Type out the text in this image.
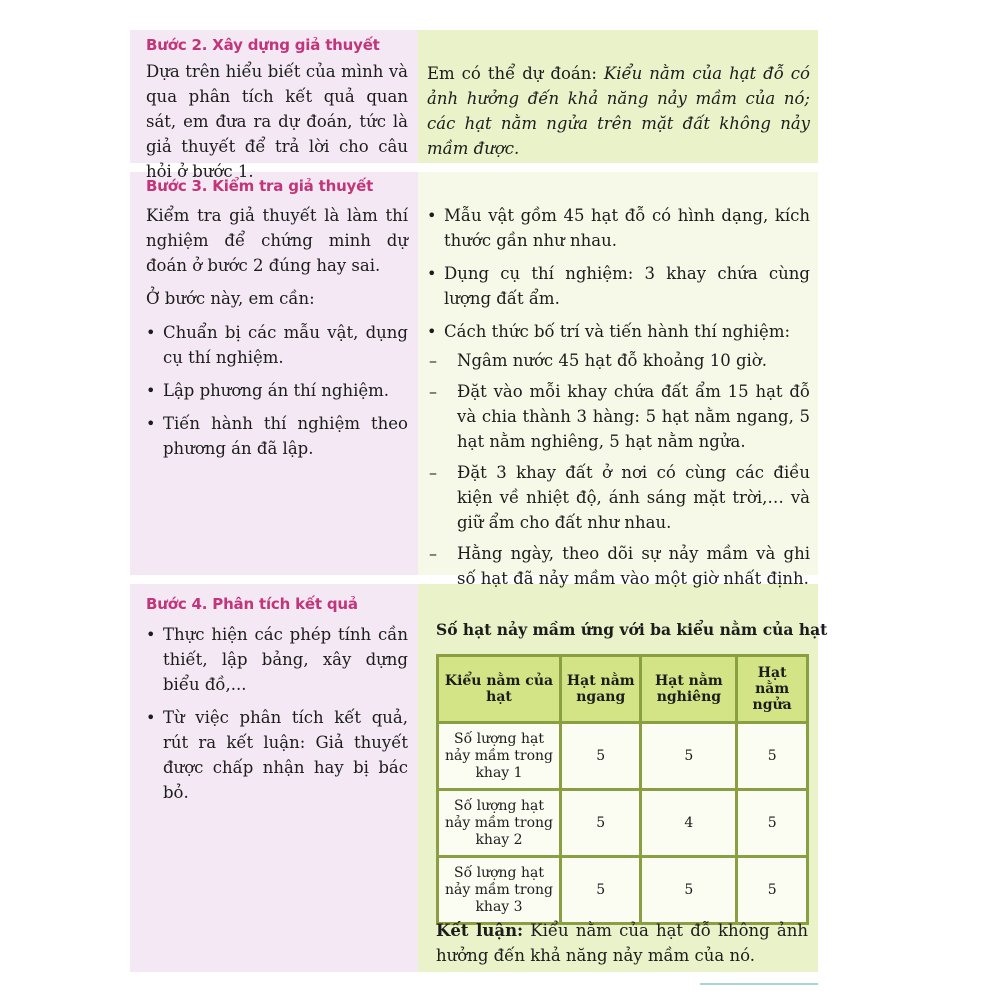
Bước 2. Xây dựng giả thuyết

Dựa trên hiểu biết của mình và qua phân tích kết quả quan sát, em đưa ra dự đoán, tức là giả thuyết để trả lời cho câu hỏi ở bước 1.

Em có thể dự đoán: Kiểu nằm của hạt đỗ có ảnh hưởng đến khả năng nảy mầm của nó; các hạt nằm ngửa trên mặt đất không nảy mầm được.

Bước 3. Kiểm tra giả thuyết

Kiểm tra giả thuyết là làm thí nghiệm để chứng minh dự đoán ở bước 2 đúng hay sai.

Ở bước này, em cần:

• Chuẩn bị các mẫu vật, dụng cụ thí nghiệm.
• Lập phương án thí nghiệm.
• Tiến hành thí nghiệm theo phương án đã lập.
• Mẫu vật gồm 45 hạt đỗ có hình dạng, kích thước gần như nhau.
• Dụng cụ thí nghiệm: 3 khay chứa cùng lượng đất ẩm.
• Cách thức bố trí và tiến hành thí nghiệm:
– Ngâm nước 45 hạt đỗ khoảng 10 giờ.
– Đặt vào mỗi khay chứa đất ẩm 15 hạt đỗ và chia thành 3 hàng: 5 hạt nằm ngang, 5 hạt nằm nghiêng, 5 hạt nằm ngửa.
– Đặt 3 khay đất ở nơi có cùng các điều kiện về nhiệt độ, ánh sáng mặt trời,… và giữ ẩm cho đất như nhau.
– Hằng ngày, theo dõi sự nảy mầm và ghi số hạt đã nảy mầm vào một giờ nhất định.
Bước 4. Phân tích kết quả
• Thực hiện các phép tính cần thiết, lập bảng, xây dựng biểu đồ,...
• Từ việc phân tích kết quả, rút ra kết luận: Giả thuyết được chấp nhận hay bị bác bỏ.
Số hạt nảy mầm ứng với ba kiểu nằm của hạt
Kiểu nằm của hạt	Hạt nằm ngang	Hạt nằm nghiêng	Hạt nằm ngửa
Số lượng hạt nảy mầm trong khay 1	5	5	5
Số lượng hạt nảy mầm trong khay 2	5	4	5
Số lượng hạt nảy mầm trong khay 3	5	5	5
Kết luận: Kiểu nằm của hạt đỗ không ảnh hưởng đến khả năng nảy mầm của nó.
